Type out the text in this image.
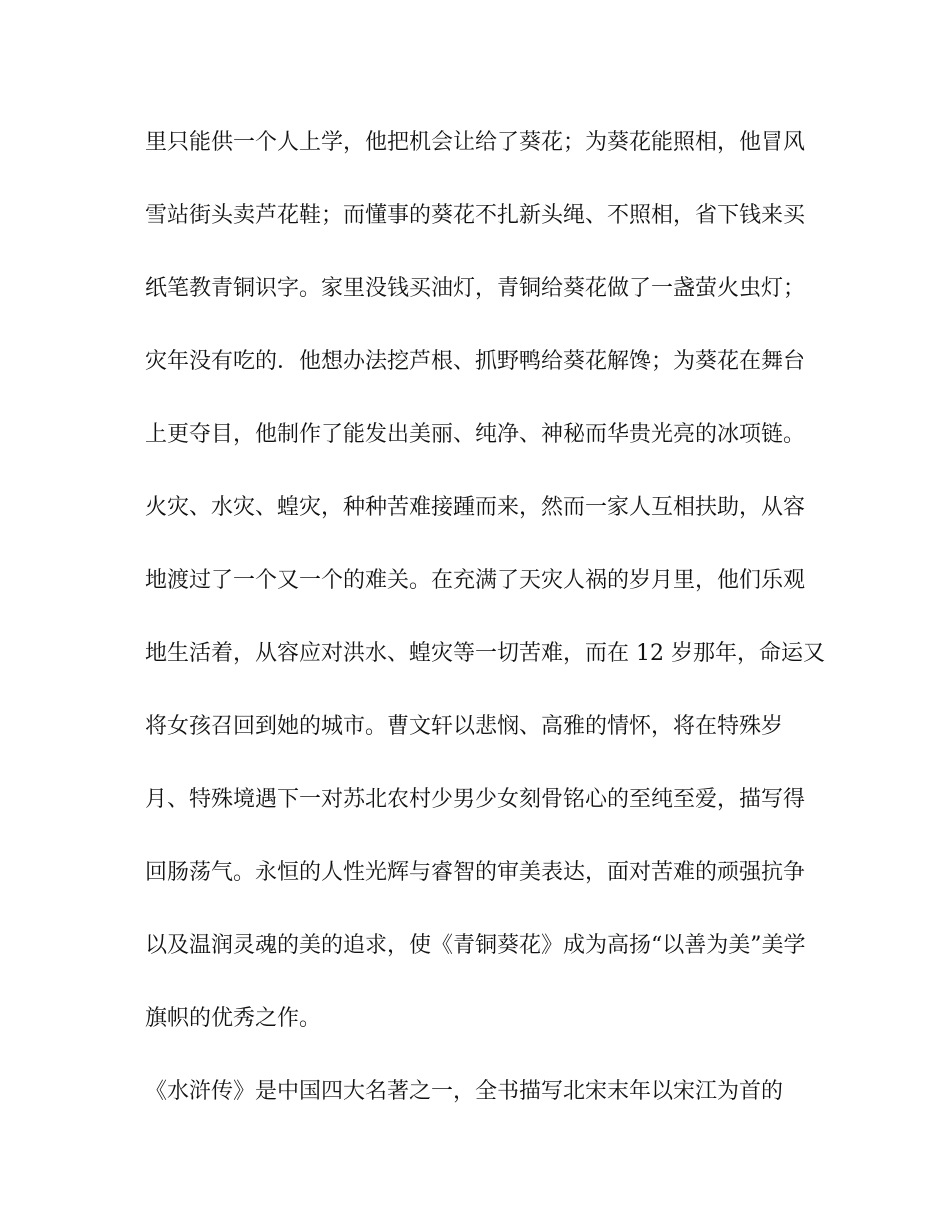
里只能供一个人上学，他把机会让给了葵花；为葵花能照相，他冒风
雪站街头卖芦花鞋；而懂事的葵花不扎新头绳、不照相，省下钱来买
纸笔教青铜识字。家里没钱买油灯，青铜给葵花做了一盏萤火虫灯；
灾年没有吃的．他想办法挖芦根、抓野鸭给葵花解馋；为葵花在舞台
上更夺目，他制作了能发出美丽、纯净、神秘而华贵光亮的冰项链。
火灾、水灾、蝗灾，种种苦难接踵而来，然而一家人互相扶助，从容
地渡过了一个又一个的难关。在充满了天灾人祸的岁月里，他们乐观
地生活着，从容应对洪水、蝗灾等一切苦难，而在 12 岁那年，命运又
将女孩召回到她的城市。曹文轩以悲悯、高雅的情怀，将在特殊岁
月、特殊境遇下一对苏北农村少男少女刻骨铭心的至纯至爱，描写得
回肠荡气。永恒的人性光辉与睿智的审美表达，面对苦难的顽强抗争
以及温润灵魂的美的追求，使《青铜葵花》成为高扬“以善为美”美学
旗帜的优秀之作。
《水浒传》是中国四大名著之一，全书描写北宋末年以宋江为首的
